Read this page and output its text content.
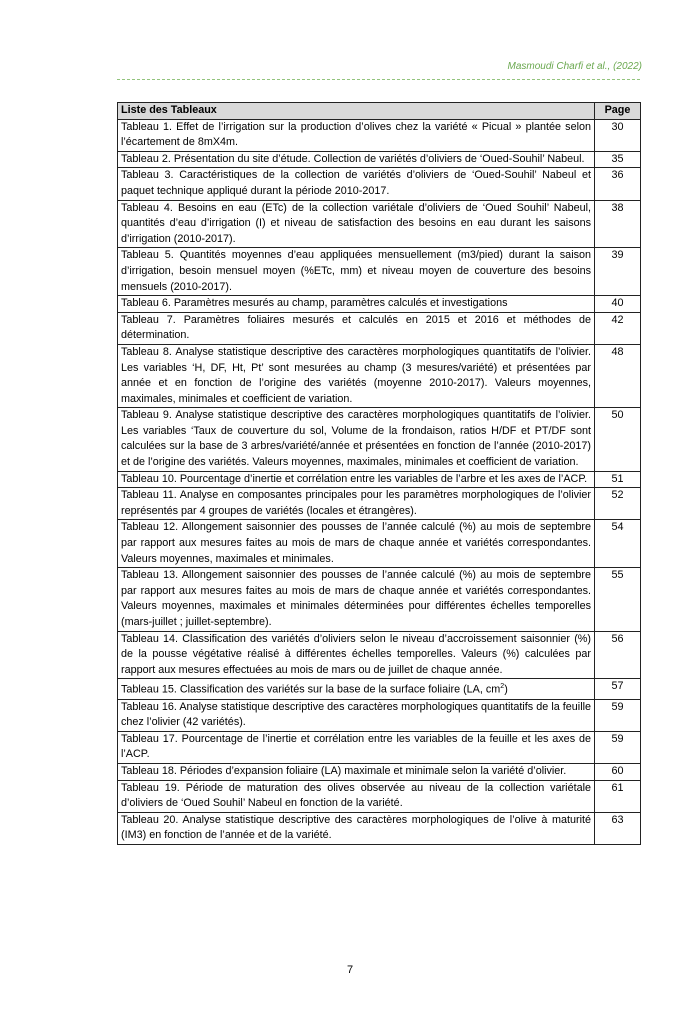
Masmoudi Charfi et al., (2022)
Liste des Tableaux	Page
Tableau 1. Effet de l’irrigation sur la production d’olives chez la variété « Picual » plantée selon l’écartement de 8mX4m.	30
Tableau 2. Présentation du site d’étude. Collection de variétés d’oliviers de ‘Oued-Souhil’ Nabeul.	35
Tableau 3. Caractéristiques de la collection de variétés d’oliviers de ‘Oued-Souhil’ Nabeul et paquet technique appliqué durant la période 2010-2017.	36
Tableau 4. Besoins en eau (ETc) de la collection variétale d’oliviers de ‘Oued Souhil’ Nabeul, quantités d’eau d’irrigation (I) et niveau de satisfaction des besoins en eau durant les saisons d’irrigation (2010-2017).	38
Tableau 5. Quantités moyennes d’eau appliquées mensuellement (m3/pied) durant la saison d’irrigation, besoin mensuel moyen (%ETc, mm) et niveau moyen de couverture des besoins mensuels (2010-2017).	39
Tableau 6. Paramètres mesurés au champ, paramètres calculés et investigations	40
Tableau 7. Paramètres foliaires mesurés et calculés en 2015 et 2016 et méthodes de détermination.	42
Tableau 8. Analyse statistique descriptive des caractères morphologiques quantitatifs de l’olivier. Les variables ‘H, DF, Ht, Pt’ sont mesurées au champ (3 mesures/variété) et présentées par année et en fonction de l’origine des variétés (moyenne 2010-2017). Valeurs moyennes, maximales, minimales et coefficient de variation.	48
Tableau 9. Analyse statistique descriptive des caractères morphologiques quantitatifs de l’olivier. Les variables ‘Taux de couverture du sol, Volume de la frondaison, ratios H/DF et PT/DF sont calculées sur la base de 3 arbres/variété/année et présentées en fonction de l’année (2010-2017) et de l’origine des variétés. Valeurs moyennes, maximales, minimales et coefficient de variation.	50
Tableau 10. Pourcentage d’inertie et corrélation entre les variables de l’arbre et les axes de l’ACP.	51
Tableau 11. Analyse en composantes principales pour les paramètres morphologiques de l’olivier représentés par 4 groupes de variétés (locales et étrangères).	52
Tableau 12. Allongement saisonnier des pousses de l’année calculé (%) au mois de septembre par rapport aux mesures faites au mois de mars de chaque année et variétés correspondantes. Valeurs moyennes, maximales et minimales.	54
Tableau 13. Allongement saisonnier des pousses de l’année calculé (%) au mois de septembre par rapport aux mesures faites au mois de mars de chaque année et variétés correspondantes. Valeurs moyennes, maximales et minimales déterminées pour différentes échelles temporelles (mars-juillet ; juillet-septembre).	55
Tableau 14. Classification des variétés d’oliviers selon le niveau d’accroissement saisonnier (%) de la pousse végétative réalisé à différentes échelles temporelles. Valeurs (%) calculées par rapport aux mesures effectuées au mois de mars ou de juillet de chaque année.	56
Tableau 15. Classification des variétés sur la base de la surface foliaire (LA, $cm^2$)	57
Tableau 16. Analyse statistique descriptive des caractères morphologiques quantitatifs de la feuille chez l’olivier (42 variétés).	59
Tableau 17. Pourcentage de l’inertie et corrélation entre les variables de la feuille et les axes de l’ACP.	59
Tableau 18. Périodes d’expansion foliaire (LA) maximale et minimale selon la variété d’olivier.	60
Tableau 19. Période de maturation des olives observée au niveau de la collection variétale d’oliviers de ‘Oued Souhil’ Nabeul en fonction de la variété.	61
Tableau 20. Analyse statistique descriptive des caractères morphologiques de l’olive à maturité (IM3) en fonction de l’année et de la variété.	63
7
